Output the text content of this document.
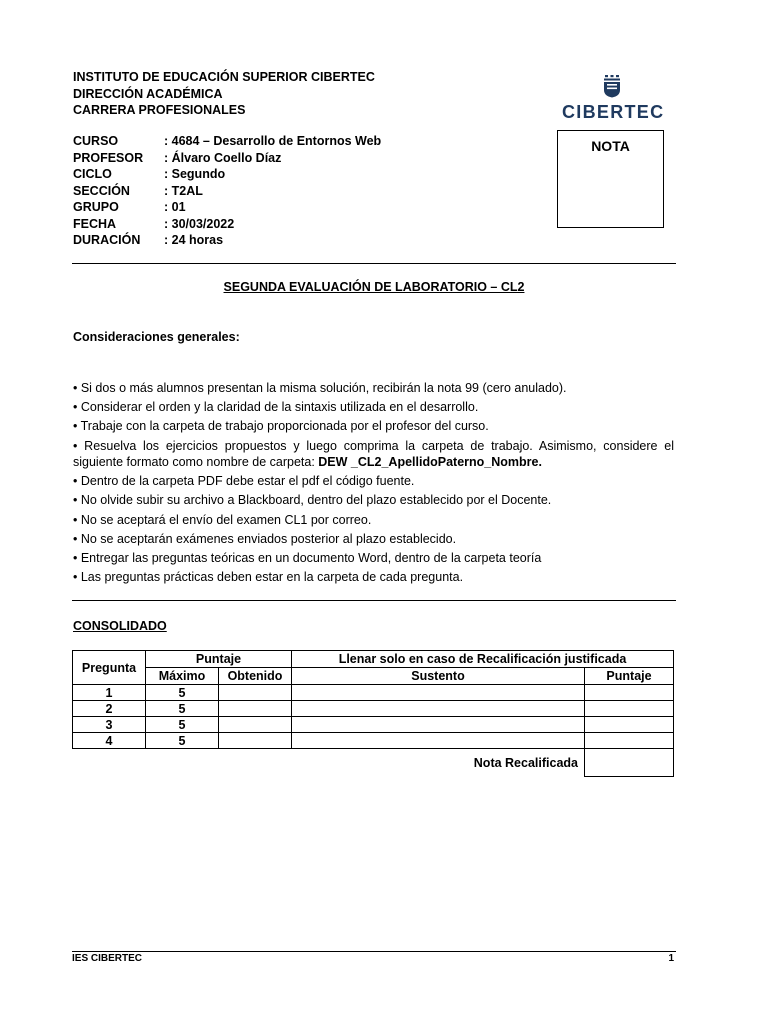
INSTITUTO DE EDUCACIÓN SUPERIOR CIBERTEC
DIRECCIÓN ACADÉMICA
CARRERA PROFESIONALES	CIBERTEC
NOTA
CURSO	: 4684 – Desarrollo de Entornos Web
PROFESOR	: Álvaro Coello Díaz
CICLO	: Segundo
SECCIÓN	: T2AL
GRUPO	: 01
FECHA	: 30/03/2022
DURACIÓN	: 24 horas
SEGUNDA EVALUACIÓN DE LABORATORIO – CL2
Consideraciones generales:
• Si dos o más alumnos presentan la misma solución, recibirán la nota 99 (cero anulado).
• Considerar el orden y la claridad de la sintaxis utilizada en el desarrollo.
• Trabaje con la carpeta de trabajo proporcionada por el profesor del curso.
• Resuelva los ejercicios propuestos y luego comprima la carpeta de trabajo. Asimismo, considere el siguiente formato como nombre de carpeta: DEW _CL2_ApellidoPaterno_Nombre.
• Dentro de la carpeta PDF debe estar el pdf el código fuente.
• No olvide subir su archivo a Blackboard, dentro del plazo establecido por el Docente.
• No se aceptará el envío del examen CL1 por correo.
• No se aceptarán exámenes enviados posterior al plazo establecido.
• Entregar las preguntas teóricas en un documento Word, dentro de la carpeta teoría
• Las preguntas prácticas deben estar en la carpeta de cada pregunta.
CONSOLIDADO
Pregunta	Puntaje		Llenar solo en caso de Recalificación justificada	
	Máximo	Obtenido	Sustento	Puntaje
1	5			
2	5			
3	5			
4	5			
			Nota Recalificada	
IES CIBERTEC	1
